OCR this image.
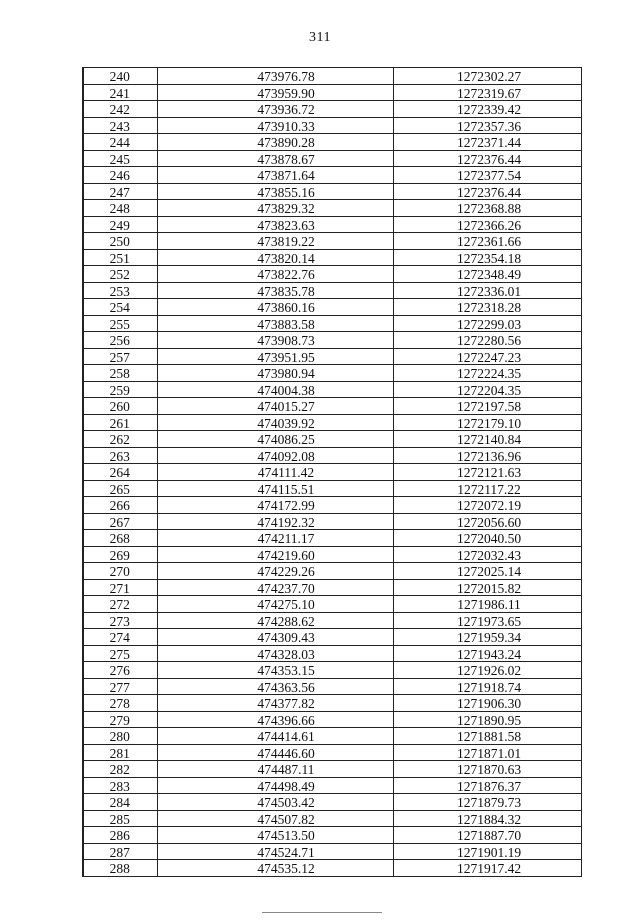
311
240	473976.78	1272302.27
241	473959.90	1272319.67
242	473936.72	1272339.42
243	473910.33	1272357.36
244	473890.28	1272371.44
245	473878.67	1272376.44
246	473871.64	1272377.54
247	473855.16	1272376.44
248	473829.32	1272368.88
249	473823.63	1272366.26
250	473819.22	1272361.66
251	473820.14	1272354.18
252	473822.76	1272348.49
253	473835.78	1272336.01
254	473860.16	1272318.28
255	473883.58	1272299.03
256	473908.73	1272280.56
257	473951.95	1272247.23
258	473980.94	1272224.35
259	474004.38	1272204.35
260	474015.27	1272197.58
261	474039.92	1272179.10
262	474086.25	1272140.84
263	474092.08	1272136.96
264	474111.42	1272121.63
265	474115.51	1272117.22
266	474172.99	1272072.19
267	474192.32	1272056.60
268	474211.17	1272040.50
269	474219.60	1272032.43
270	474229.26	1272025.14
271	474237.70	1272015.82
272	474275.10	1271986.11
273	474288.62	1271973.65
274	474309.43	1271959.34
275	474328.03	1271943.24
276	474353.15	1271926.02
277	474363.56	1271918.74
278	474377.82	1271906.30
279	474396.66	1271890.95
280	474414.61	1271881.58
281	474446.60	1271871.01
282	474487.11	1271870.63
283	474498.49	1271876.37
284	474503.42	1271879.73
285	474507.82	1271884.32
286	474513.50	1271887.70
287	474524.71	1271901.19
288	474535.12	1271917.42
